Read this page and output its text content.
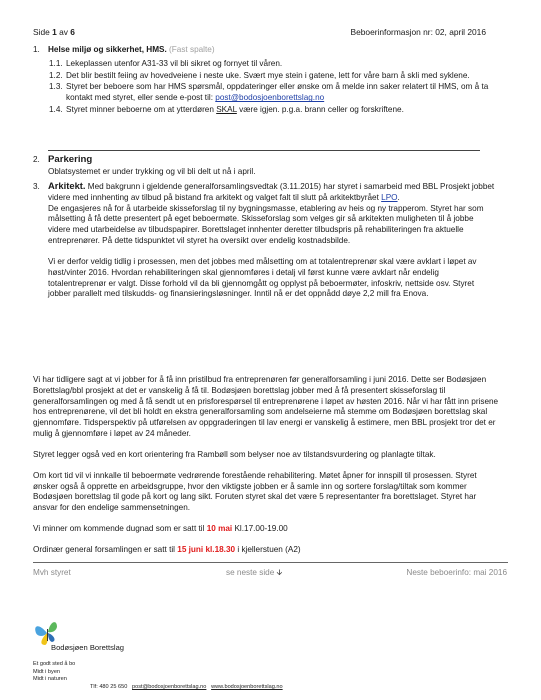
Side 1 av 6	Beboerinformasjon nr: 02, april 2016
1. Helse miljø og sikkerhet, HMS. (Fast spalte)
1.1. Lekeplassen utenfor A31-33 vil bli sikret og fornyet til våren.
1.2. Det blir bestilt feiing av hovedveiene i neste uke. Svært mye stein i gatene, lett for våre barn å skli med syklene.
1.3. Styret ber beboere som har HMS spørsmål, oppdateringer eller ønske om å melde inn saker relatert til HMS, om å ta kontakt med styret, eller sende e-post til: post@bodosjoenborettslag.no
1.4. Styret minner beboerne om at ytterdøren SKAL være igjen. p.g.a. brann celler og forskriftene.
2. Parkering
Oblatsystemet er under trykking og vil bli delt ut nå i april.
3. Arkitekt. Med bakgrunn i gjeldende generalforsamlingsvedtak (3.11.2015) har styret i samarbeid med BBL Prosjekt jobbet videre med innhenting av tilbud på bistand fra arkitekt og valget falt til slutt på arkitektbyrået LPO.
De engasjeres nå for å utarbeide skisseforslag til ny bygningsmasse, etablering av heis og ny trapperom. Styret har som målsetting å få dette presentert på eget beboermøte. Skisseforslag som velges gir så arkitekten muligheten til å jobbe videre med utarbeidelse av tilbudspapirer. Borettslaget innhenter deretter tilbudspris på rehabiliteringen fra aktuelle entreprenører. På dette tidspunktet vil styret ha oversikt over endelig kostnadsbilde.
Vi er derfor veldig tidlig i prosessen, men det jobbes med målsetting om at totalentreprenør skal være avklart i løpet av høst/vinter 2016. Hvordan rehabiliteringen skal gjennomføres i detalj vil først kunne være avklart når endelig totalentreprenør er valgt. Disse forhold vil da bli gjennomgått og opplyst på beboermøter, infoskriv, nettside osv. Styret jobber parallelt med tilskudds- og finansieringsløsninger. Inntil nå er det oppnådd døye 2,2 mill fra Enova.
Vi har tidligere sagt at vi jobber for å få inn pristilbud fra entreprenøren før generalforsamling i juni 2016. Dette ser Bodøsjøen Borettslag/bbl prosjekt at det er vanskelig å få til. Bodøsjøen borettslag jobber med å få presentert skisseforslag til generalforsamlingen og med å få sendt ut en prisforespørsel til entreprenørene i løpet av høsten 2016. Når vi har fått inn prisene hos entreprenørene, vil det bli holdt en ekstra generalforsamling som andelseierne må stemme om Bodøsjøen borettslag skal gjennomføre. Tidsperspektiv på utførelsen av oppgraderingen til lav energi er vanskelig å estimere, men BBL prosjekt tror det er mulig å gjennomføre i løpet av 24 måneder.
Styret legger også ved en kort orientering fra Rambøll som belyser noe av tilstandsvurdering og planlagte tiltak.
Om kort tid vil vi innkalle til beboermøte vedrørende forestående rehabilitering. Møtet åpner for innspill til prosessen. Styret ønsker også å opprette en arbeidsgruppe, hvor den viktigste jobben er å samle inn og sortere forslag/tiltak som kommer Bodøsjøen borettslag til gode på kort og lang sikt. Foruten styret skal det være 5 representanter fra borettslaget. Styret har ansvar for den endelige sammensetningen.
Vi minner om kommende dugnad som er satt til 10 mai Kl.17.00-19.00
Ordinær general forsamlingen er satt til 15 juni kl.18.30 i kjellerstuen (A2)
Mvh styret	se neste side 🡫	Neste beboerinfo: mai 2016
Bodøsjøen Borettslag
Et godt sted å bo
Midt i byen
Midt i naturen
Tlf: 480 25 650 post@bodosjoenborettslag.no www.bodosjoenborettslag.no
